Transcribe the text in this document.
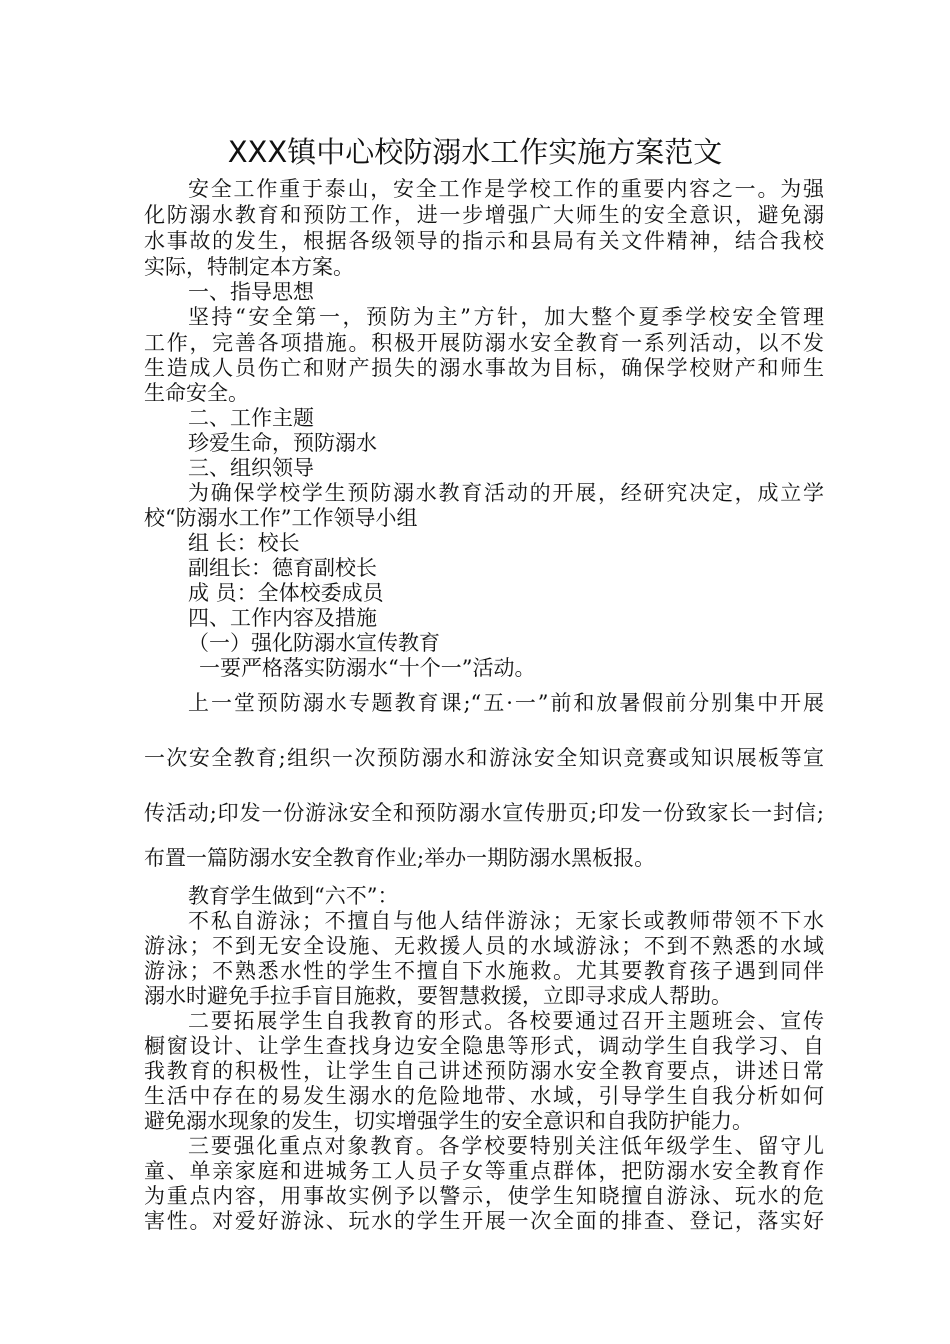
XXX镇中心校防溺水工作实施方案范文
安全工作重于泰山，安全工作是学校工作的重要内容之一。为强
化防溺水教育和预防工作，进一步增强广大师生的安全意识，避免溺
水事故的发生，根据各级领导的指示和县局有关文件精神，结合我校
实际，特制定本方案。
一、指导思想
坚持“安全第一，预防为主”方针，加大整个夏季学校安全管理
工作，完善各项措施。积极开展防溺水安全教育一系列活动，以不发
生造成人员伤亡和财产损失的溺水事故为目标，确保学校财产和师生
生命安全。
二、工作主题
珍爱生命，预防溺水
三、组织领导
为确保学校学生预防溺水教育活动的开展，经研究决定，成立学
校“防溺水工作”工作领导小组
组 长：校长
副组长：德育副校长
成 员：全体校委成员
四、工作内容及措施
（一）强化防溺水宣传教育
一要严格落实防溺水“十个一”活动。
上一堂预防溺水专题教育课;“五·一”前和放暑假前分别集中开展
一次安全教育;组织一次预防溺水和游泳安全知识竞赛或知识展板等宣
传活动;印发一份游泳安全和预防溺水宣传册页;印发一份致家长一封信;
布置一篇防溺水安全教育作业;举办一期防溺水黑板报。
教育学生做到“六不”：
不私自游泳；不擅自与他人结伴游泳；无家长或教师带领不下水
游泳；不到无安全设施、无救援人员的水域游泳；不到不熟悉的水域
游泳；不熟悉水性的学生不擅自下水施救。尤其要教育孩子遇到同伴
溺水时避免手拉手盲目施救，要智慧救援，立即寻求成人帮助。
二要拓展学生自我教育的形式。各校要通过召开主题班会、宣传
橱窗设计、让学生查找身边安全隐患等形式，调动学生自我学习、自
我教育的积极性，让学生自己讲述预防溺水安全教育要点，讲述日常
生活中存在的易发生溺水的危险地带、水域，引导学生自我分析如何
避免溺水现象的发生，切实增强学生的安全意识和自我防护能力。
三要强化重点对象教育。各学校要特别关注低年级学生、留守儿
童、单亲家庭和进城务工人员子女等重点群体，把防溺水安全教育作
为重点内容，用事故实例予以警示，使学生知晓擅自游泳、玩水的危
害性。对爱好游泳、玩水的学生开展一次全面的排查、登记，落实好
